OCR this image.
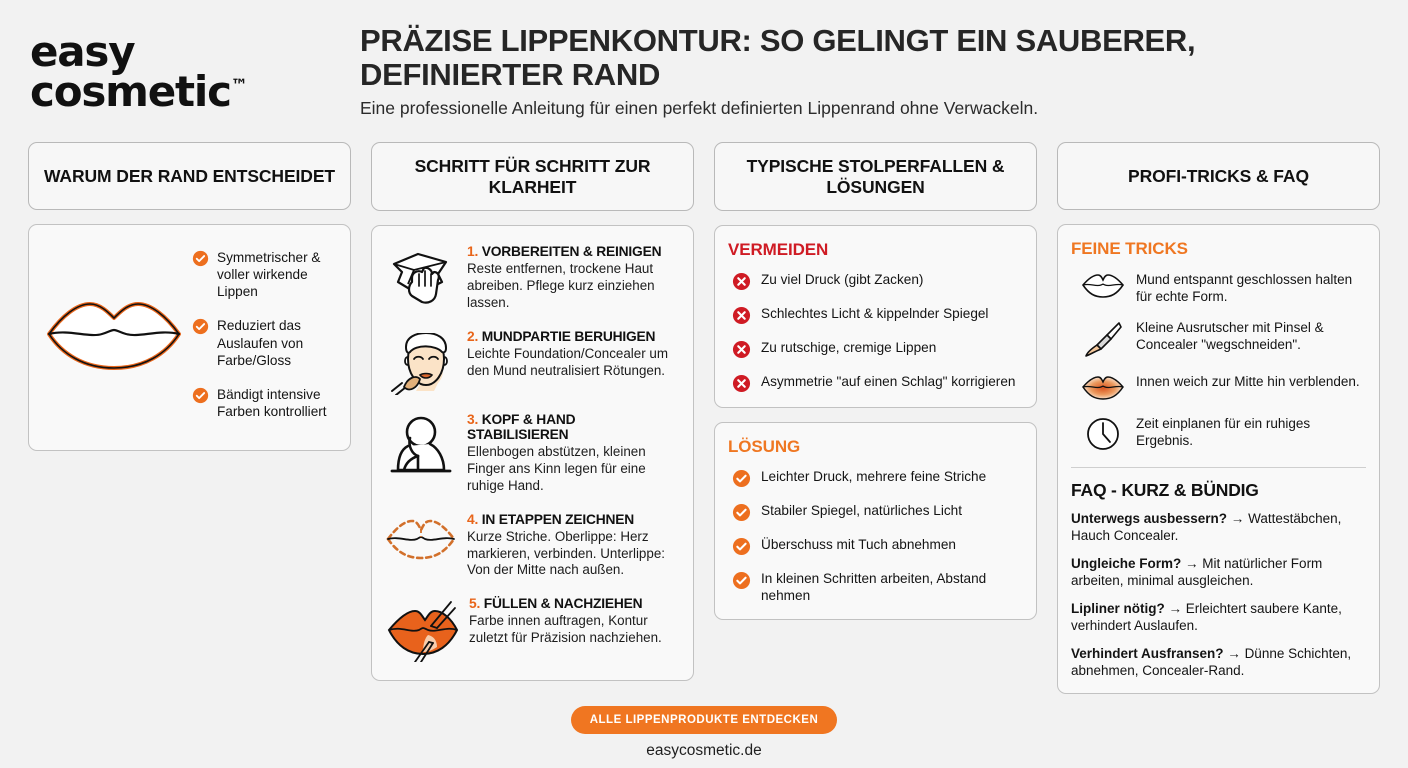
easy
cosmetic™
PRÄZISE LIPPENKONTUR: SO GELINGT EIN SAUBERER, DEFINIERTER RAND
Eine professionelle Anleitung für einen perfekt definierten Lippenrand ohne Verwackeln.
WARUM DER RAND ENTSCHEIDET
Symmetrischer & voller wirkende Lippen
Reduziert das Auslaufen von Farbe/Gloss
Bändigt intensive Farben kontrolliert
SCHRITT FÜR SCHRITT ZUR KLARHEIT
1. VORBEREITEN & REINIGEN
Reste entfernen, trockene Haut abreiben. Pflege kurz einziehen lassen.
2. MUNDPARTIE BERUHIGEN
Leichte Foundation/Concealer um den Mund neutralisiert Rötungen.
3. KOPF & HAND STABILISIEREN
Ellenbogen abstützen, kleinen Finger ans Kinn legen für eine ruhige Hand.
4. IN ETAPPEN ZEICHNEN
Kurze Striche. Oberlippe: Herz markieren, verbinden. Unterlippe: Von der Mitte nach außen.
5. FÜLLEN & NACHZIEHEN
Farbe innen auftragen, Kontur zuletzt für Präzision nachziehen.
TYPISCHE STOLPERFALLEN & LÖSUNGEN
VERMEIDEN
Zu viel Druck (gibt Zacken)
Schlechtes Licht & kippelnder Spiegel
Zu rutschige, cremige Lippen
Asymmetrie "auf einen Schlag" korrigieren
LÖSUNG
Leichter Druck, mehrere feine Striche
Stabiler Spiegel, natürliches Licht
Überschuss mit Tuch abnehmen
In kleinen Schritten arbeiten, Abstand nehmen
PROFI-TRICKS & FAQ
FEINE TRICKS
Mund entspannt geschlossen halten für echte Form.
Kleine Ausrutscher mit Pinsel & Concealer "wegschneiden".
Innen weich zur Mitte hin verblenden.
Zeit einplanen für ein ruhiges Ergebnis.
FAQ - KURZ & BÜNDIG
Unterwegs ausbessern? → Wattestäbchen, Hauch Concealer.
Ungleiche Form? → Mit natürlicher Form arbeiten, minimal ausgleichen.
Lipliner nötig? → Erleichtert saubere Kante, verhindert Auslaufen.
Verhindert Ausfransen? → Dünne Schichten, abnehmen, Concealer-Rand.
ALLE LIPPENPRODUKTE ENTDECKEN
easycosmetic.de
